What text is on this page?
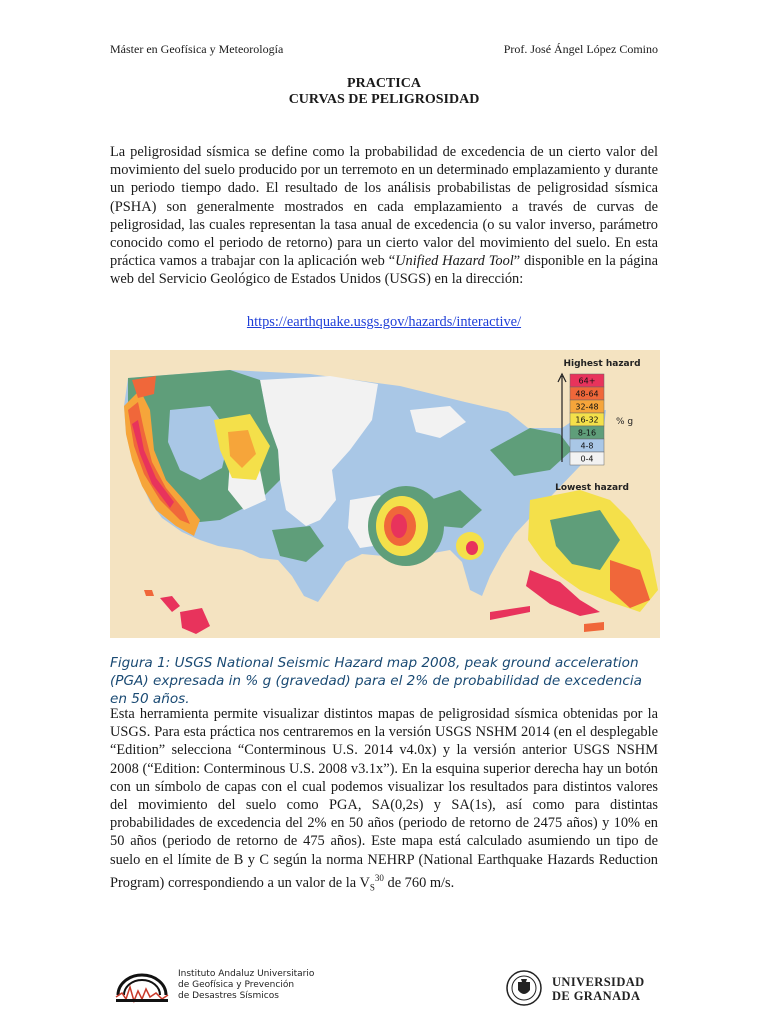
Máster en Geofísica y Meteorología	Prof. José Ángel López Comino
PRACTICA
CURVAS DE PELIGROSIDAD

La peligrosidad sísmica se define como la probabilidad de excedencia de un cierto valor del movimiento del suelo producido por un terremoto en un determinado emplazamiento y durante un periodo tiempo dado. El resultado de los análisis probabilistas de peligrosidad sísmica (PSHA) son generalmente mostrados en cada emplazamiento a través de curvas de peligrosidad, las cuales representan la tasa anual de excedencia (o su valor inverso, parámetro conocido como el periodo de retorno) para un cierto valor del movimiento del suelo. En esta práctica vamos a trabajar con la aplicación web “Unified Hazard Tool” disponible en la página web del Servicio Geológico de Estados Unidos (USGS) en la dirección:

https://earthquake.usgs.gov/hazards/interactive/
Highest hazard
64+
48-64
32-48
16-32
8-16
4-8
0-4
Lowest hazard
% g
Figura 1: USGS National Seismic Hazard map 2008, peak ground acceleration (PGA) expresada in % g (gravedad) para el 2% de probabilidad de excedencia en 50 años.

Esta herramienta permite visualizar distintos mapas de peligrosidad sísmica obtenidas por la USGS. Para esta práctica nos centraremos en la versión USGS NSHM 2014 (en el desplegable “Edition” selecciona “Conterminous U.S. 2014 v4.0x) y la versión anterior USGS NSHM 2008 (“Edition: Conterminous U.S. 2008 v3.1x”). En la esquina superior derecha hay un botón con un símbolo de capas con el cual podemos visualizar los resultados para distintos valores del movimiento del suelo como PGA, SA(0,2s) y SA(1s), así como para distintas probabilidades de excedencia del 2% en 50 años (periodo de retorno de 2475 años) y 10% en 50 años (periodo de retorno de 475 años). Este mapa está calculado asumiendo un tipo de suelo en el límite de B y C según la norma NEHRP (National Earthquake Hazards Reduction Program) correspondiendo a un valor de la $V_S^{30}$ de 760 m/s.

Instituto Andaluz Universitario
de Geofísica y Prevención
de Desastres Sísmicos
UNIVERSIDAD
DE GRANADA
